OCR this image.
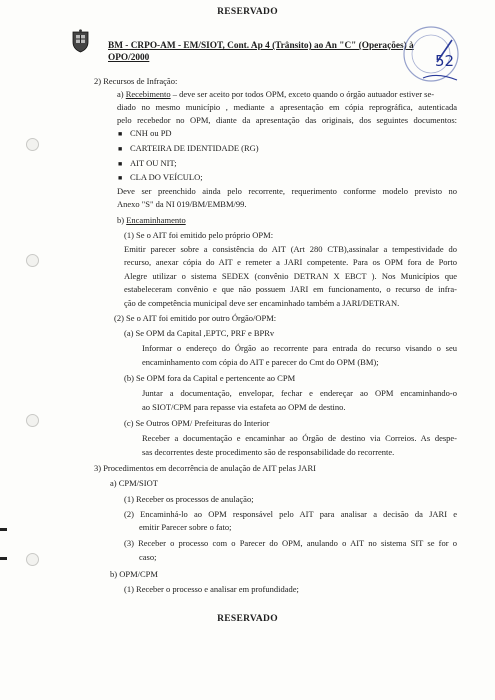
RESERVADO
BM - CRPO-AM - EM/SIOT, Cont. Ap 4 (Trânsito) ao An "C" (Operações) à
OPO/2000	52
2) Recursos de Infração:
a) Recebimento – deve ser aceito por todos OPM, exceto quando o órgão autuador estiver se-
diado no mesmo município , mediante a apresentação em cópia reprográfica, autenticada
pelo recebedor no OPM, diante da apresentação das originais, dos seguintes documentos:
■ CNH ou PD
■ CARTEIRA DE IDENTIDADE (RG)
■ AIT OU NIT;
■ CLA DO VEÍCULO;
Deve ser preenchido ainda pelo recorrente, requerimento conforme modelo previsto no
Anexo "S" da NI 019/BM/EMBM/99.
b) Encaminhamento
(1) Se o AIT foi emitido pelo próprio OPM:
Emitir parecer sobre a consistência do AIT (Art 280 CTB),assinalar a tempestividade do
recurso, anexar cópia do AIT e remeter a JARI competente. Para os OPM fora de Porto
Alegre utilizar o sistema SEDEX (convênio DETRAN X EBCT ). Nos Municípios que
estabeleceram convênio e que não possuem JARI em funcionamento, o recurso de infra-
ção de competência municipal deve ser encaminhado também a JARI/DETRAN.
(2) Se o AIT foi emitido por outro Órgão/OPM:
(a) Se OPM da Capital ,EPTC, PRF e BPRv
Informar o endereço do Órgão ao recorrente para entrada do recurso visando o seu
encaminhamento com cópia do AIT e parecer do Cmt do OPM (BM);
(b) Se OPM fora da Capital e pertencente ao CPM
Juntar a documentação, envelopar, fechar e endereçar ao OPM encaminhando-o
ao SIOT/CPM para repasse via estafeta ao OPM de destino.
(c) Se Outros OPM/ Prefeituras do Interior
Receber a documentação e encaminhar ao Órgão de destino via Correios. As despe-
sas decorrentes deste procedimento são de responsabilidade do recorrente.
3) Procedimentos em decorrência de anulação de AIT pelas JARI
a) CPM/SIOT
(1) Receber os processos de anulação;
(2) Encaminhá-lo ao OPM responsável pelo AIT para analisar a decisão da JARI e
emitir Parecer sobre o fato;
(3) Receber o processo com o Parecer do OPM, anulando o AIT no sistema SIT se for o
caso;
b) OPM/CPM
(1) Receber o processo e analisar em profundidade;
RESERVADO
